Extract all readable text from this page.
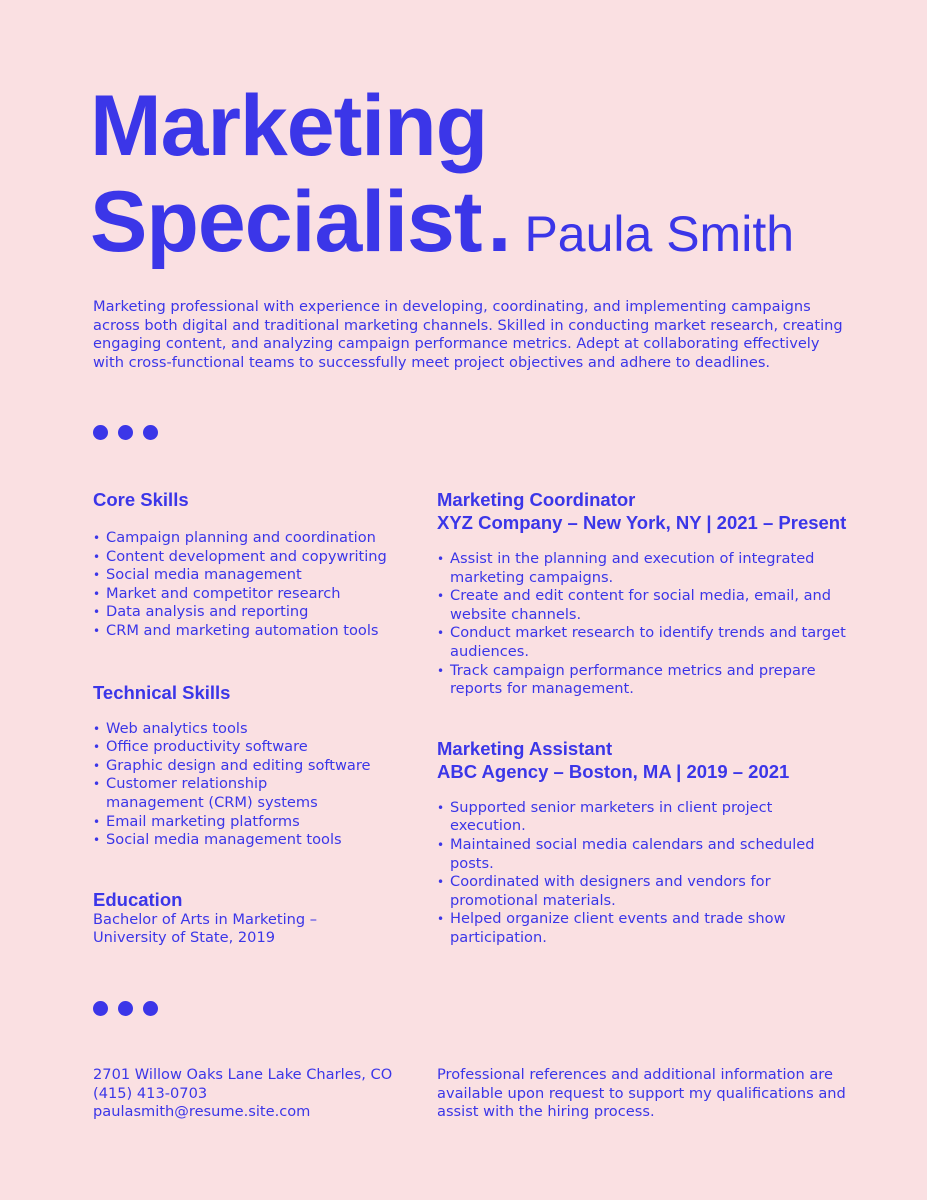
Marketing
Specialist. Paula Smith

Marketing professional with experience in developing, coordinating, and implementing campaigns across both digital and traditional marketing channels. Skilled in conducting market research, creating engaging content, and analyzing campaign performance metrics. Adept at collaborating effectively with cross-functional teams to successfully meet project objectives and adhere to deadlines.

Core Skills
• Campaign planning and coordination
• Content development and copywriting
• Social media management
• Market and competitor research
• Data analysis and reporting
• CRM and marketing automation tools
Technical Skills
• Web analytics tools
• Office productivity software
• Graphic design and editing software
• Customer relationship management (CRM) systems
• Email marketing platforms
• Social media management tools
Education

Bachelor of Arts in Marketing – University of State, 2019

Marketing Coordinator
XYZ Company – New York, NY | 2021 – Present
• Assist in the planning and execution of integrated marketing campaigns.
• Create and edit content for social media, email, and website channels.
• Conduct market research to identify trends and target audiences.
• Track campaign performance metrics and prepare reports for management.
Marketing Assistant
ABC Agency – Boston, MA | 2019 – 2021
• Supported senior marketers in client project execution.
• Maintained social media calendars and scheduled posts.
• Coordinated with designers and vendors for promotional materials.
• Helped organize client events and trade show participation.
2701 Willow Oaks Lane Lake Charles, CO
(415) 413-0703
paulasmith@resume.site.com

Professional references and additional information are available upon request to support my qualifications and assist with the hiring process.
